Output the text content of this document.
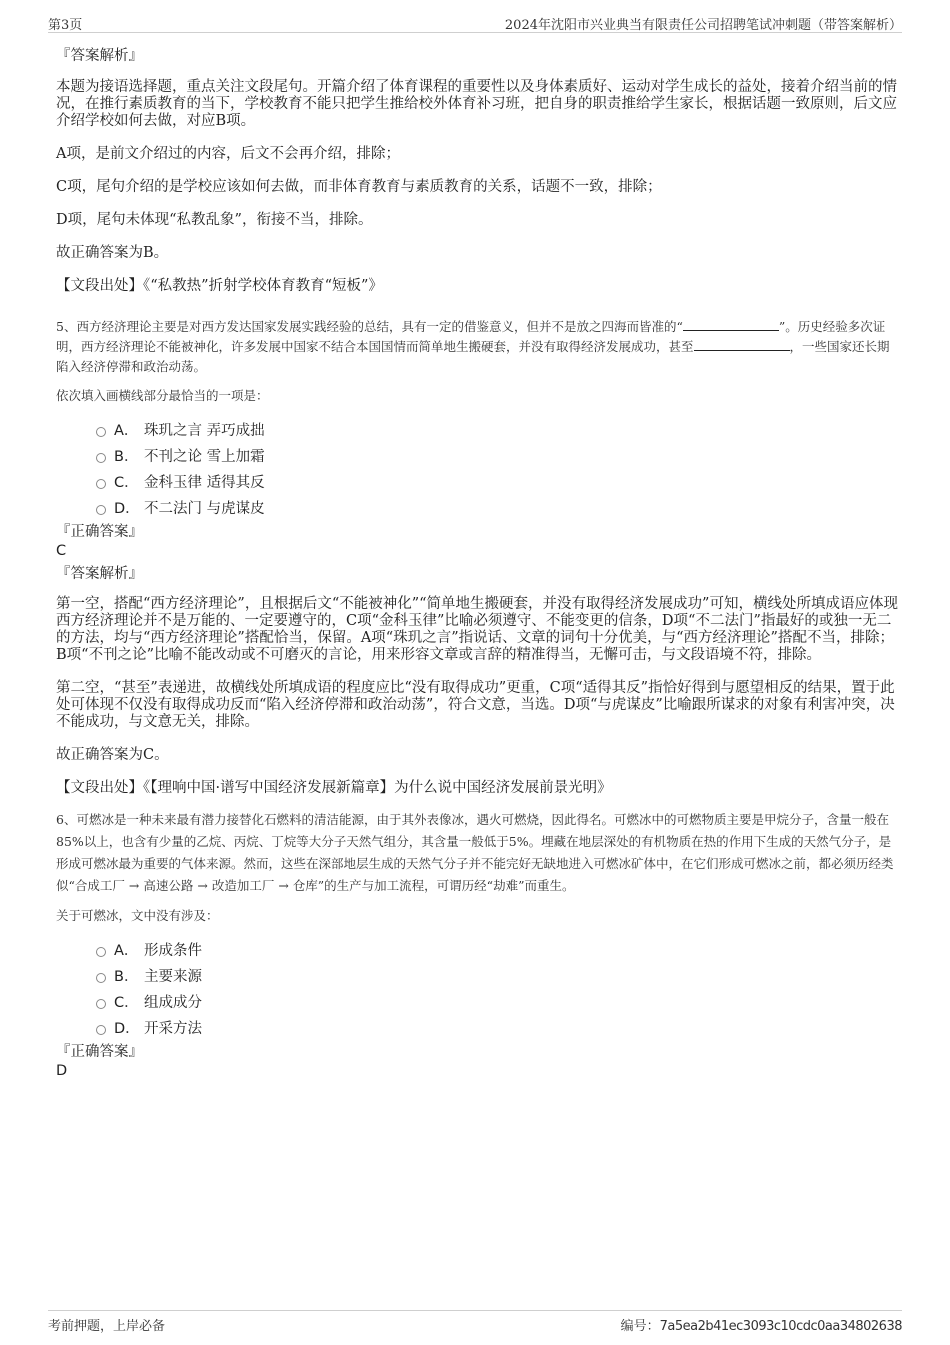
第3页	2024年沈阳市兴业典当有限责任公司招聘笔试冲刺题（带答案解析）

『答案解析』

本题为接语选择题，重点关注文段尾句。开篇介绍了体育课程的重要性以及身体素质好、运动对学生成长的益处，接着介绍当前的情况，在推行素质教育的当下，学校教育不能只把学生推给校外体育补习班，把自身的职责推给学生家长，根据话题一致原则，后文应介绍学校如何去做，对应B项。

A项，是前文介绍过的内容，后文不会再介绍，排除；

C项，尾句介绍的是学校应该如何去做，而非体育教育与素质教育的关系，话题不一致，排除；

D项，尾句未体现“私教乱象”，衔接不当，排除。

故正确答案为B。

【文段出处】《“私教热”折射学校体育教育“短板”》

5、西方经济理论主要是对西方发达国家发展实践经验的总结，具有一定的借鉴意义，但并不是放之四海而皆准的“	”。历史经验多次证明，西方经济理论不能被神化，许多发展中国家不结合本国国情而简单地生搬硬套，并没有取得经济发展成功，甚至	，一些国家还长期陷入经济停滞和政治动荡。

依次填入画横线部分最恰当的一项是：

A． 珠玑之言 弄巧成拙
B． 不刊之论 雪上加霜
C． 金科玉律 适得其反
D． 不二法门 与虎谋皮

『正确答案』

C

『答案解析』

第一空，搭配“西方经济理论”，且根据后文“不能被神化”“简单地生搬硬套，并没有取得经济发展成功”可知，横线处所填成语应体现西方经济理论并不是万能的、一定要遵守的，C项“金科玉律”比喻必须遵守、不能变更的信条，D项“不二法门”指最好的或独一无二的方法，均与“西方经济理论”搭配恰当，保留。A项“珠玑之言”指说话、文章的词句十分优美，与“西方经济理论”搭配不当，排除；B项“不刊之论”比喻不能改动或不可磨灭的言论，用来形容文章或言辞的精准得当，无懈可击，与文段语境不符，排除。

第二空，“甚至”表递进，故横线处所填成语的程度应比“没有取得成功”更重，C项“适得其反”指恰好得到与愿望相反的结果，置于此处可体现不仅没有取得成功反而“陷入经济停滞和政治动荡”，符合文意，当选。D项“与虎谋皮”比喻跟所谋求的对象有利害冲突，决不能成功，与文意无关，排除。

故正确答案为C。

【文段出处】《【理响中国·谱写中国经济发展新篇章】为什么说中国经济发展前景光明》

6、可燃冰是一种未来最有潜力接替化石燃料的清洁能源，由于其外表像冰，遇火可燃烧，因此得名。可燃冰中的可燃物质主要是甲烷分子，含量一般在85%以上，也含有少量的乙烷、丙烷、丁烷等大分子天然气组分，其含量一般低于5%。埋藏在地层深处的有机物质在热的作用下生成的天然气分子，是形成可燃冰最为重要的气体来源。然而，这些在深部地层生成的天然气分子并不能完好无缺地进入可燃冰矿体中，在它们形成可燃冰之前，都必须历经类似“合成工厂 → 高速公路 → 改造加工厂 → 仓库”的生产与加工流程，可谓历经“劫难”而重生。

关于可燃冰，文中没有涉及：

A． 形成条件
B． 主要来源
C． 组成成分
D． 开采方法

『正确答案』

D

考前押题，上岸必备	编号：7a5ea2b41ec3093c10cdc0aa34802638
